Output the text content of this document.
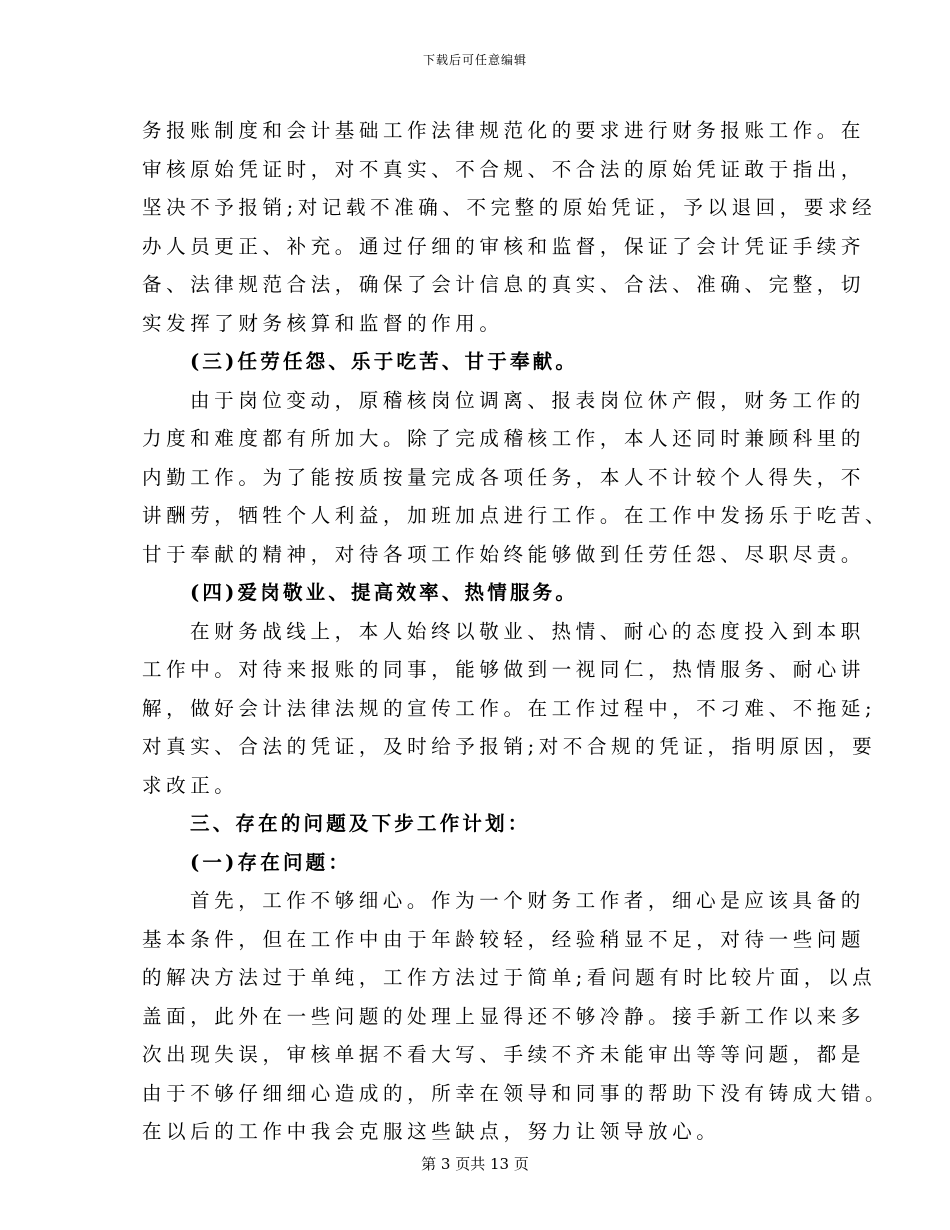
下载后可任意编辑
务报账制度和会计基础工作法律规范化的要求进行财务报账工作。在
审核原始凭证时，对不真实、不合规、不合法的原始凭证敢于指出，
坚决不予报销;对记载不准确、不完整的原始凭证，予以退回，要求经
办人员更正、补充。通过仔细的审核和监督，保证了会计凭证手续齐
备、法律规范合法，确保了会计信息的真实、合法、准确、完整，切
实发挥了财务核算和监督的作用。
(三)任劳任怨、乐于吃苦、甘于奉献。
由于岗位变动，原稽核岗位调离、报表岗位休产假，财务工作的
力度和难度都有所加大。除了完成稽核工作，本人还同时兼顾科里的
内勤工作。为了能按质按量完成各项任务，本人不计较个人得失，不
讲酬劳，牺牲个人利益，加班加点进行工作。在工作中发扬乐于吃苦、
甘于奉献的精神，对待各项工作始终能够做到任劳任怨、尽职尽责。
(四)爱岗敬业、提高效率、热情服务。
在财务战线上，本人始终以敬业、热情、耐心的态度投入到本职
工作中。对待来报账的同事，能够做到一视同仁，热情服务、耐心讲
解，做好会计法律法规的宣传工作。在工作过程中，不刁难、不拖延;
对真实、合法的凭证，及时给予报销;对不合规的凭证，指明原因，要
求改正。
三、存在的问题及下步工作计划：
(一)存在问题：
首先，工作不够细心。作为一个财务工作者，细心是应该具备的
基本条件，但在工作中由于年龄较轻，经验稍显不足，对待一些问题
的解决方法过于单纯，工作方法过于简单;看问题有时比较片面，以点
盖面，此外在一些问题的处理上显得还不够冷静。接手新工作以来多
次出现失误，审核单据不看大写、手续不齐未能审出等等问题，都是
由于不够仔细细心造成的，所幸在领导和同事的帮助下没有铸成大错。
在以后的工作中我会克服这些缺点，努力让领导放心。
第 3 页共 13 页
